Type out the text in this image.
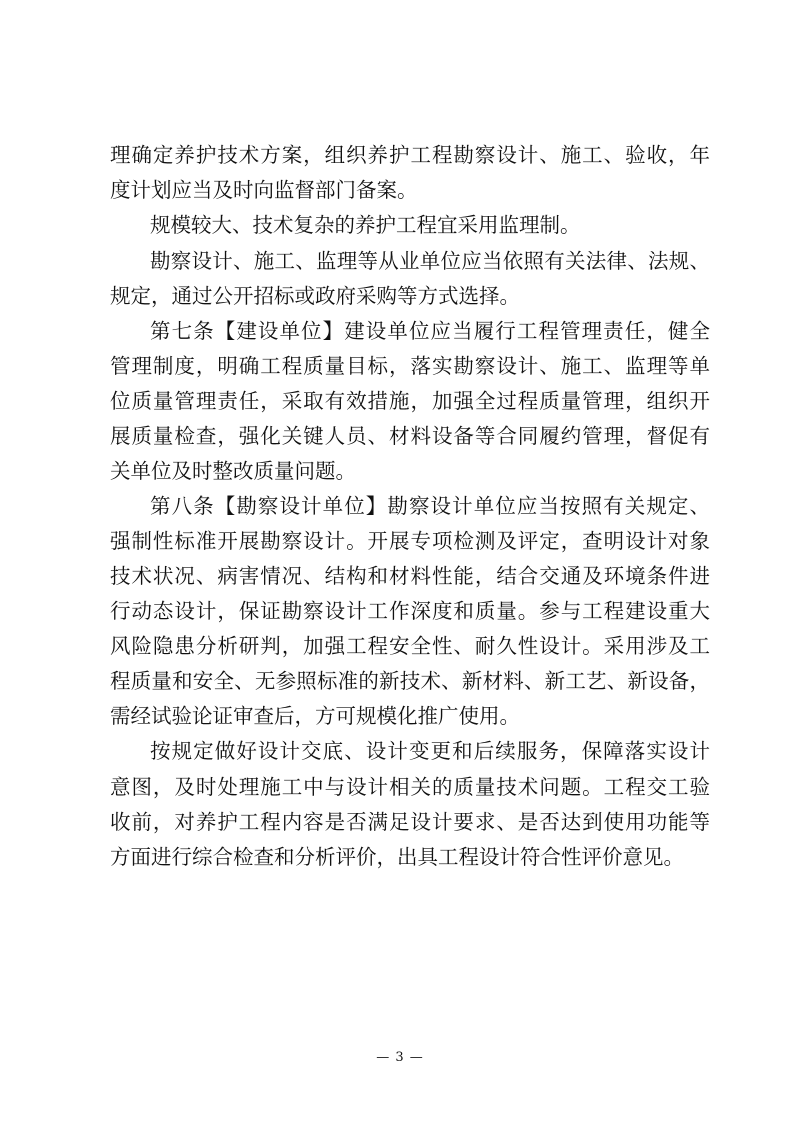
理确定养护技术方案，组织养护工程勘察设计、施工、验收，年
度计划应当及时向监督部门备案。
规模较大、技术复杂的养护工程宜采用监理制。
勘察设计、施工、监理等从业单位应当依照有关法律、法规、
规定，通过公开招标或政府采购等方式选择。
第七条【建设单位】建设单位应当履行工程管理责任，健全
管理制度，明确工程质量目标，落实勘察设计、施工、监理等单
位质量管理责任，采取有效措施，加强全过程质量管理，组织开
展质量检查，强化关键人员、材料设备等合同履约管理，督促有
关单位及时整改质量问题。
第八条【勘察设计单位】勘察设计单位应当按照有关规定、
强制性标准开展勘察设计。开展专项检测及评定，查明设计对象
技术状况、病害情况、结构和材料性能，结合交通及环境条件进
行动态设计，保证勘察设计工作深度和质量。参与工程建设重大
风险隐患分析研判，加强工程安全性、耐久性设计。采用涉及工
程质量和安全、无参照标准的新技术、新材料、新工艺、新设备，
需经试验论证审查后，方可规模化推广使用。
按规定做好设计交底、设计变更和后续服务，保障落实设计
意图，及时处理施工中与设计相关的质量技术问题。工程交工验
收前，对养护工程内容是否满足设计要求、是否达到使用功能等
方面进行综合检查和分析评价，出具工程设计符合性评价意见。
— 3 —
